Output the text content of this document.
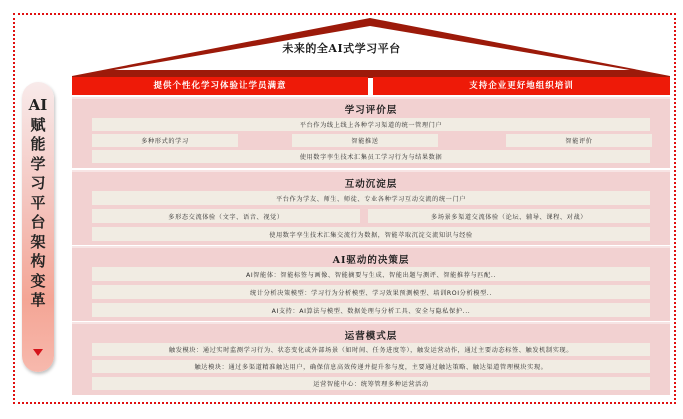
未来的全AI式学习平台
提供个性化学习体验让学员满意	支持企业更好地组织培训
AI
赋
能
学
习
平
台
架
构
变
革
学习评价层
平台作为线上线上各种学习渠道的统一管理门户
多种形式的学习	智能推送	智能评价
使用数字孪生技术汇集员工学习行为与结果数据
互动沉淀层
平台作为学友、师生、师徒、专业各种学习互动交流的统一门户
多形态交流体验（文字、语音、视觉）	多场景多渠道交流体验（论坛、辅导、课程、对战）
使用数字孪生技术汇集交流行为数据，智能萃取沉淀交流知识与经验
AI驱动的决策层
AI智能体：智能标签与画像、智能摘要与生成、智能出题与测评、智能推荐与匹配..
统计分析决策模型：学习行为分析模型、学习效果预测模型、培训ROI分析模型..
AI支持：AI算法与模型、数据处理与分析工具、安全与隐私保护...
运营模式层
触发模块：通过实时监测学习行为、状态变化或外部场景（如时间、任务进度等），触发运营动作，通过主要动态标签、触发机制实现。
触达模块：通过多渠道精准触达用户，确保信息高效传递并提升参与度，主要通过触达策略、触达渠道管理模块实现。
运营智能中心：统筹管理多种运营活动
